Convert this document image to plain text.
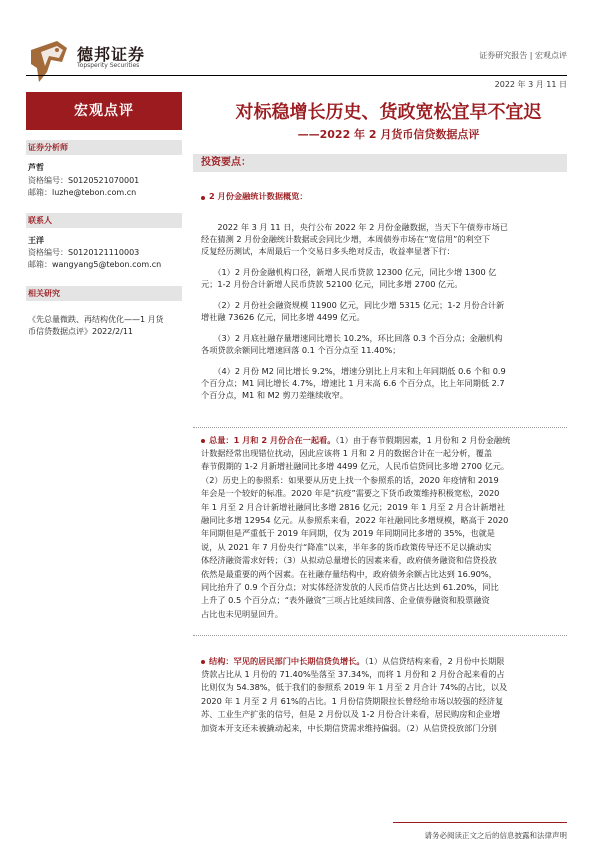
德邦证券
Topsperity Securities
证券研究报告 | 宏观点评
2022 年 3 月 11 日
宏观点评
证券分析师
芦哲
资格编号：S0120521070001
邮箱：luzhe@tebon.com.cn
联系人
王洋
资格编号：S0120121110003
邮箱：wangyang5@tebon.com.cn
相关研究
《先总量微跌、再结构优化——1 月货
币信贷数据点评》2022/2/11
对标稳增长历史、货政宽松宜早不宜迟
——2022 年 2 月货币信贷数据点评
投资要点：
2 月份金融统计数据概览：
　　2022 年 3 月 11 日，央行公布 2022 年 2 月份金融数据，当天下午债券市场已
经在猜测 2 月份金融统计数据或会同比少增，本周债券市场在“宽信用”的利空下
反复经历测试，本周最后一个交易日多头绝对反击，收益率显著下行：
　　（1）2 月份金融机构口径，新增人民币贷款 12300 亿元，同比少增 1300 亿
元；1-2 月份合计新增人民币贷款 52100 亿元，同比多增 2700 亿元。
　　（2）2 月份社会融资规模 11900 亿元，同比少增 5315 亿元；1-2 月份合计新
增社融 73626 亿元，同比多增 4499 亿元。
　　（3）2 月底社融存量增速同比增长 10.2%，环比回落 0.3 个百分点；金融机构
各项贷款余额同比增速回落 0.1 个百分点至 11.40%；
　　（4）2 月份 M2 同比增长 9.2%，增速分别比上月末和上年同期低 0.6 个和 0.9
个百分点；M1 同比增长 4.7%，增速比 1 月末高 6.6 个百分点，比上年同期低 2.7
个百分点，M1 和 M2 剪刀差继续收窄。
总量：1 月和 2 月份合在一起看。（1）由于春节假期因素，1 月份和 2 月份金融统
计数据经常出现错位扰动，因此应该将 1 月和 2 月的数据合计在一起分析，覆盖
春节假期的 1-2 月新增社融同比多增 4499 亿元，人民币信贷同比多增 2700 亿元。
（2）历史上的参照系：如果要从历史上找一个参照系的话，2020 年疫情和 2019
年会是一个较好的标准。2020 年是“抗疫”需要之下货币政策维持积极宽松，2020
年 1 月至 2 月合计新增社融同比多增 2816 亿元；2019 年 1 月至 2 月合计新增社
融同比多增 12954 亿元。从参照系来看，2022 年社融同比多增规模，略高于 2020
年同期但是严重低于 2019 年同期，仅为 2019 年同期同比多增的 35%，也就是
说，从 2021 年 7 月份央行“降准”以来，半年多的货币政策传导还不足以撬动实
体经济融资需求好转；（3）从拟动总量增长的因素来看，政府债务融资和信贷投放
依然是最重要的两个因素。在社融存量结构中，政府债务余额占比达到 16.90%，
同比抬升了 0.9 个百分点；对实体经济发放的人民币信贷占比达到 61.20%，同比
上升了 0.5 个百分点；“表外融资”三项占比延续回落、企业债券融资和股票融资
占比也未见明显回升。
结构：罕见的居民部门中长期信贷负增长。（1）从信贷结构来看，2 月份中长期限
贷款占比从 1 月份的 71.40%坠落至 37.34%，而将 1 月份和 2 月份合起来看的占
比则仅为 54.38%，低于我们的参照系 2019 年 1 月至 2 月合计 74%的占比，以及
2020 年 1 月至 2 月 61%的占比。1 月份信贷期限拉长曾经给市场以较强的经济复
苏、工业生产扩张的信号，但是 2 月份以及 1-2 月份合计来看，居民购房和企业增
加资本开支还未被撬动起来，中长期信贷需求维持偏弱。（2）从信贷投放部门分别
请务必阅读正文之后的信息披露和法律声明
